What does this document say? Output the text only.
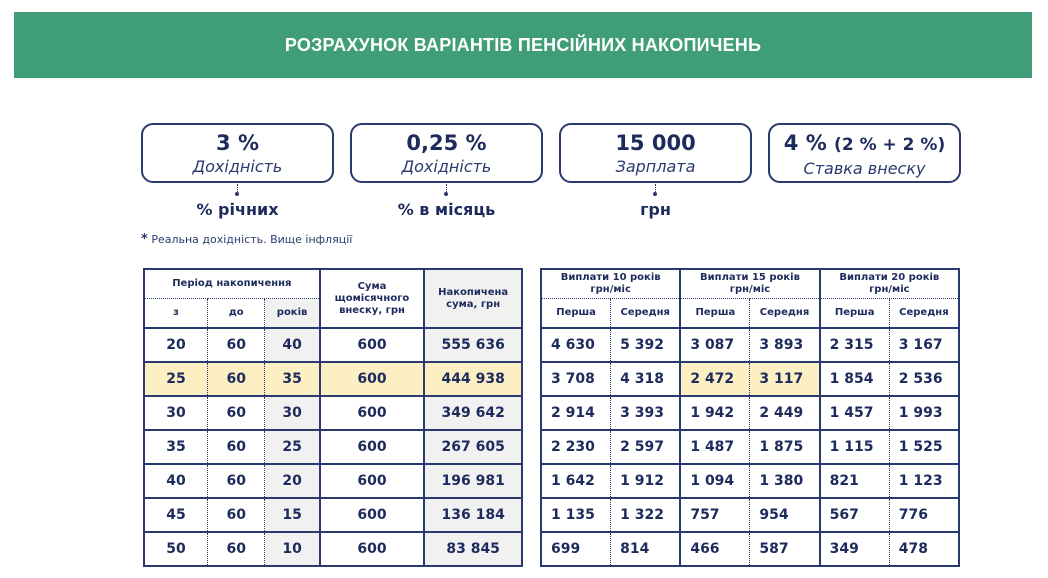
РОЗРАХУНОК ВАРІАНТІВ ПЕНСІЙНИХ НАКОПИЧЕНЬ
3 %
Дохідність
% річних
0,25 %
Дохідність
% в місяць
15 000
Зарплата
грн
4 % (2 % + 2 %)
Ставка внеску
* Реальна дохідність. Вище інфляції
Період накопичення			Сума щомісячного внеску, грн	Накопичена сума, грн
з	до	років		
20	60	40	600	555 636
25	60	35	600	444 938
30	60	30	600	349 642
35	60	25	600	267 605
40	60	20	600	196 981
45	60	15	600	136 184
50	60	10	600	83 845
Виплати 10 років
грн/міс		Виплати 15 років
грн/міс		Виплати 20 років
грн/міс	
Перша	Середня	Перша	Середня	Перша	Середня
4 630	5 392	3 087	3 893	2 315	3 167
3 708	4 318	2 472	3 117	1 854	2 536
2 914	3 393	1 942	2 449	1 457	1 993
2 230	2 597	1 487	1 875	1 115	1 525
1 642	1 912	1 094	1 380	821	1 123
1 135	1 322	757	954	567	776
699	814	466	587	349	478
